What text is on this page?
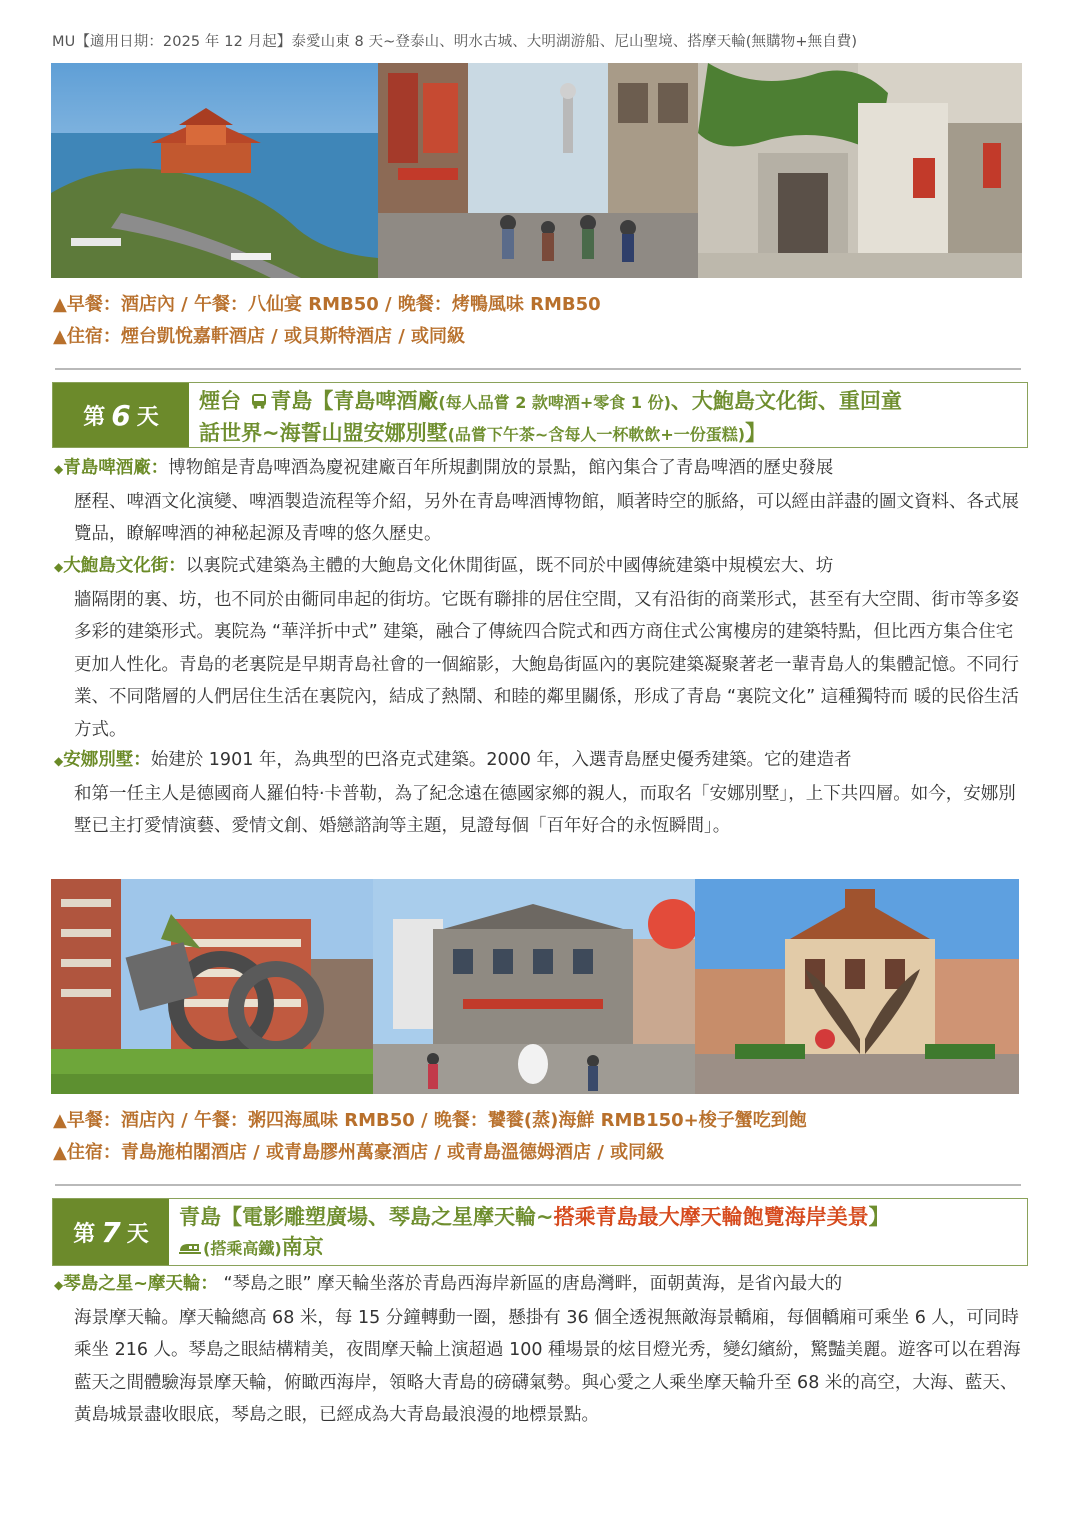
MU【適用日期：2025 年 12 月起】泰愛山東 8 天~登泰山、明水古城、大明湖游船、尼山聖境、搭摩天輪(無購物+無自費)
▲早餐：酒店內 / 午餐：八仙宴 RMB50 / 晚餐：烤鴨風味 RMB50
▲住宿：煙台凱悅嘉軒酒店 / 或貝斯特酒店 / 或同級
第 6 天
煙台 青島【青島啤酒廠(每人品嘗 2 款啤酒+零食 1 份)、大鮑島文化街、重回童
話世界~海誓山盟安娜別墅(品嘗下午茶~含每人一杯軟飲+一份蛋糕)】
◆青島啤酒廠：博物館是青島啤酒為慶祝建廠百年所規劃開放的景點，館內集合了青島啤酒的歷史發展
歷程、啤酒文化演變、啤酒製造流程等介紹，另外在青島啤酒博物館，順著時空的脈絡，可以經由詳盡的圖文資料、各式展覽品，瞭解啤酒的神秘起源及青啤的悠久歷史。
◆大鮑島文化街：以裏院式建築為主體的大鮑島文化休閒街區，既不同於中國傳統建築中規模宏大、坊
牆隔閉的裏、坊，也不同於由衚同串起的街坊。它既有聯排的居住空間，又有沿街的商業形式，甚至有大空間、街市等多姿多彩的建築形式。裏院為 “華洋折中式” 建築，融合了傳統四合院式和西方商住式公寓樓房的建築特點，但比西方集合住宅更加人性化。青島的老裏院是早期青島社會的一個縮影，大鮑島街區內的裏院建築凝聚著老一輩青島人的集體記憶。不同行業、不同階層的人們居住生活在裏院內，結成了熱鬧、和睦的鄰里關係，形成了青島 “裏院文化” 這種獨特而 暖的民俗生活方式。
◆安娜別墅：始建於 1901 年，為典型的巴洛克式建築。2000 年，入選青島歷史優秀建築。它的建造者
和第一任主人是德國商人羅伯特·卡普勒，為了紀念遠在德國家鄉的親人，而取名「安娜別墅」，上下共四層。如今，安娜別墅已主打愛情演藝、愛情文創、婚戀諮詢等主題，見證每個「百年好合的永恆瞬間」。
▲早餐：酒店內 / 午餐：粥四海風味 RMB50 / 晚餐：饕餮(蒸)海鮮 RMB150+梭子蟹吃到飽
▲住宿：青島施柏閣酒店 / 或青島膠州萬豪酒店 / 或青島溫德姆酒店 / 或同級
第 7 天
青島【電影雕塑廣場、琴島之星摩天輪~搭乘青島最大摩天輪飽覽海岸美景】
(搭乘高鐵)南京
◆琴島之星~摩天輪： “琴島之眼” 摩天輪坐落於青島西海岸新區的唐島灣畔，面朝黃海，是省內最大的
海景摩天輪。摩天輪總高 68 米，每 15 分鐘轉動一圈，懸掛有 36 個全透視無敵海景轎廂，每個轎廂可乘坐 6 人，可同時乘坐 216 人。琴島之眼結構精美，夜間摩天輪上演超過 100 種場景的炫目燈光秀，變幻繽紛，驚豔美麗。遊客可以在碧海藍天之間體驗海景摩天輪，俯瞰西海岸，領略大青島的磅礴氣勢。與心愛之人乘坐摩天輪升至 68 米的高空，大海、藍天、黃島城景盡收眼底，琴島之眼，已經成為大青島最浪漫的地標景點。
